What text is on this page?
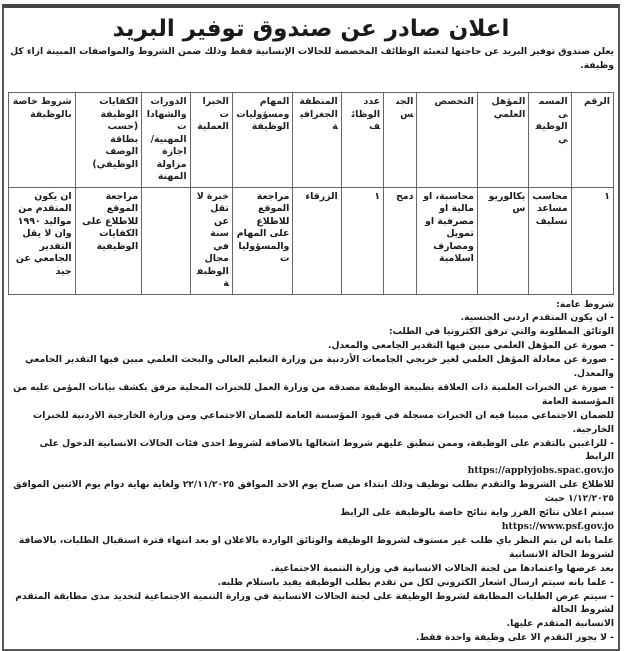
اعلان صادر عن صندوق توفير البريد
يعلن صندوق توفير البريد عن حاجتها لتعبئة الوظائف المخصصة للحالات الإنسانية فقط وذلك ضمن الشروط والمواصفات المبينة ازاء كل وظيفة.
الرقم	المسمى الوظيفي	المؤهل العلمي	التخصص	الجنس	عدد الوظائف	المنطقة الجغرافية	المهام ومسؤوليات الوظيفة	الخبرات العملية	الدورات والشهادات المهنية/ اجازة مزاولة المهنة	الكفايات الوظيفة (حسب بطاقة الوصف الوظيفي)	شروط خاصة بالوظيفة
١	محاسب مساعد تسليف	بكالوريوس	محاسبة، او مالية او مصرفية او تمويل ومصارف اسلامية	دمج	١	الزرقاء	مراجعة الموقع للاطلاع على المهام والمسؤوليات	خبرة لا تقل عن سنة في مجال الوظيفة		مراجعة الموقع للاطلاع على الكفايات الوظيفية	ان يكون المتقدم من مواليد ١٩٩٠ وان لا يقل التقدير الجامعي عن جيد
شروط عامة:
- ان يكون المتقدم اردني الجنسية.
الوثائق المطلوبة والتي ترفق الكترونيا في الطلب:
- صورة عن المؤهل العلمي مبين فيها التقدير الجامعي والمعدل.
- صورة عن معادلة المؤهل العلمي لغير خريجي الجامعات الأردنية من وزارة التعليم العالي والبحث العلمي مبين فيها التقدير الجامعي والمعدل.
- صورة عن الخبرات العلمية ذات العلاقة بطبيعة الوظيفة مصدقة من وزارة العمل للخبرات المحلية مرفق بكشف بيانات المؤمن عليه من المؤسسة العامة
للضمان الاجتماعي مبينا فيه ان الخبرات مسجلة في قيود المؤسسة العامة للضمان الاجتماعي ومن وزارة الخارجية الاردنية للخبرات الخارجية.
- للراغبين بالتقدم على الوظيفة، وممن تنطبق عليهم شروط اشغالها بالاضافة لشروط احدى فئات الحالات الانسانية الدخول على الرابط
https://applyjobs.spac.gov.jo
للاطلاع على الشروط والتقدم بطلب توظيف وذلك ابتداء من صباح يوم الاحد الموافق ٢٢/١١/٢٠٢٥ ولغاية نهاية دوام يوم الاثنين الموافق ١/١٢/٢٠٢٥ حيث
سيتم اعلان نتائج الفرز واية نتائج خاصة بالوظيفة على الرابط
https://www.psf.gov.jo
علما بانه لن يتم النظر باي طلب غير مستوف لشروط الوظيفة والوثائق الواردة بالاعلان او بعد انتهاء فترة استقبال الطلبات، بالاضافة لشروط الحالة الانسانية
بعد عرضها واعتمادها من لجنة الحالات الانسانية في وزارة التنمية الاجتماعية.
- علما بانه سيتم ارسال اشعار الكتروني لكل من تقدم بطلب الوظيفة يفيد باستلام طلبه.
- سيتم عرض الطلبات المطابقة لشروط الوظيفة على لجنة الحالات الانسانية في وزارة التنمية الاجتماعية لتحديد مدى مطابقة المتقدم لشروط الحالة
الانسانية المتقدم عليها.
- لا يجوز التقدم الا على وظيفة واحدة فقط.
